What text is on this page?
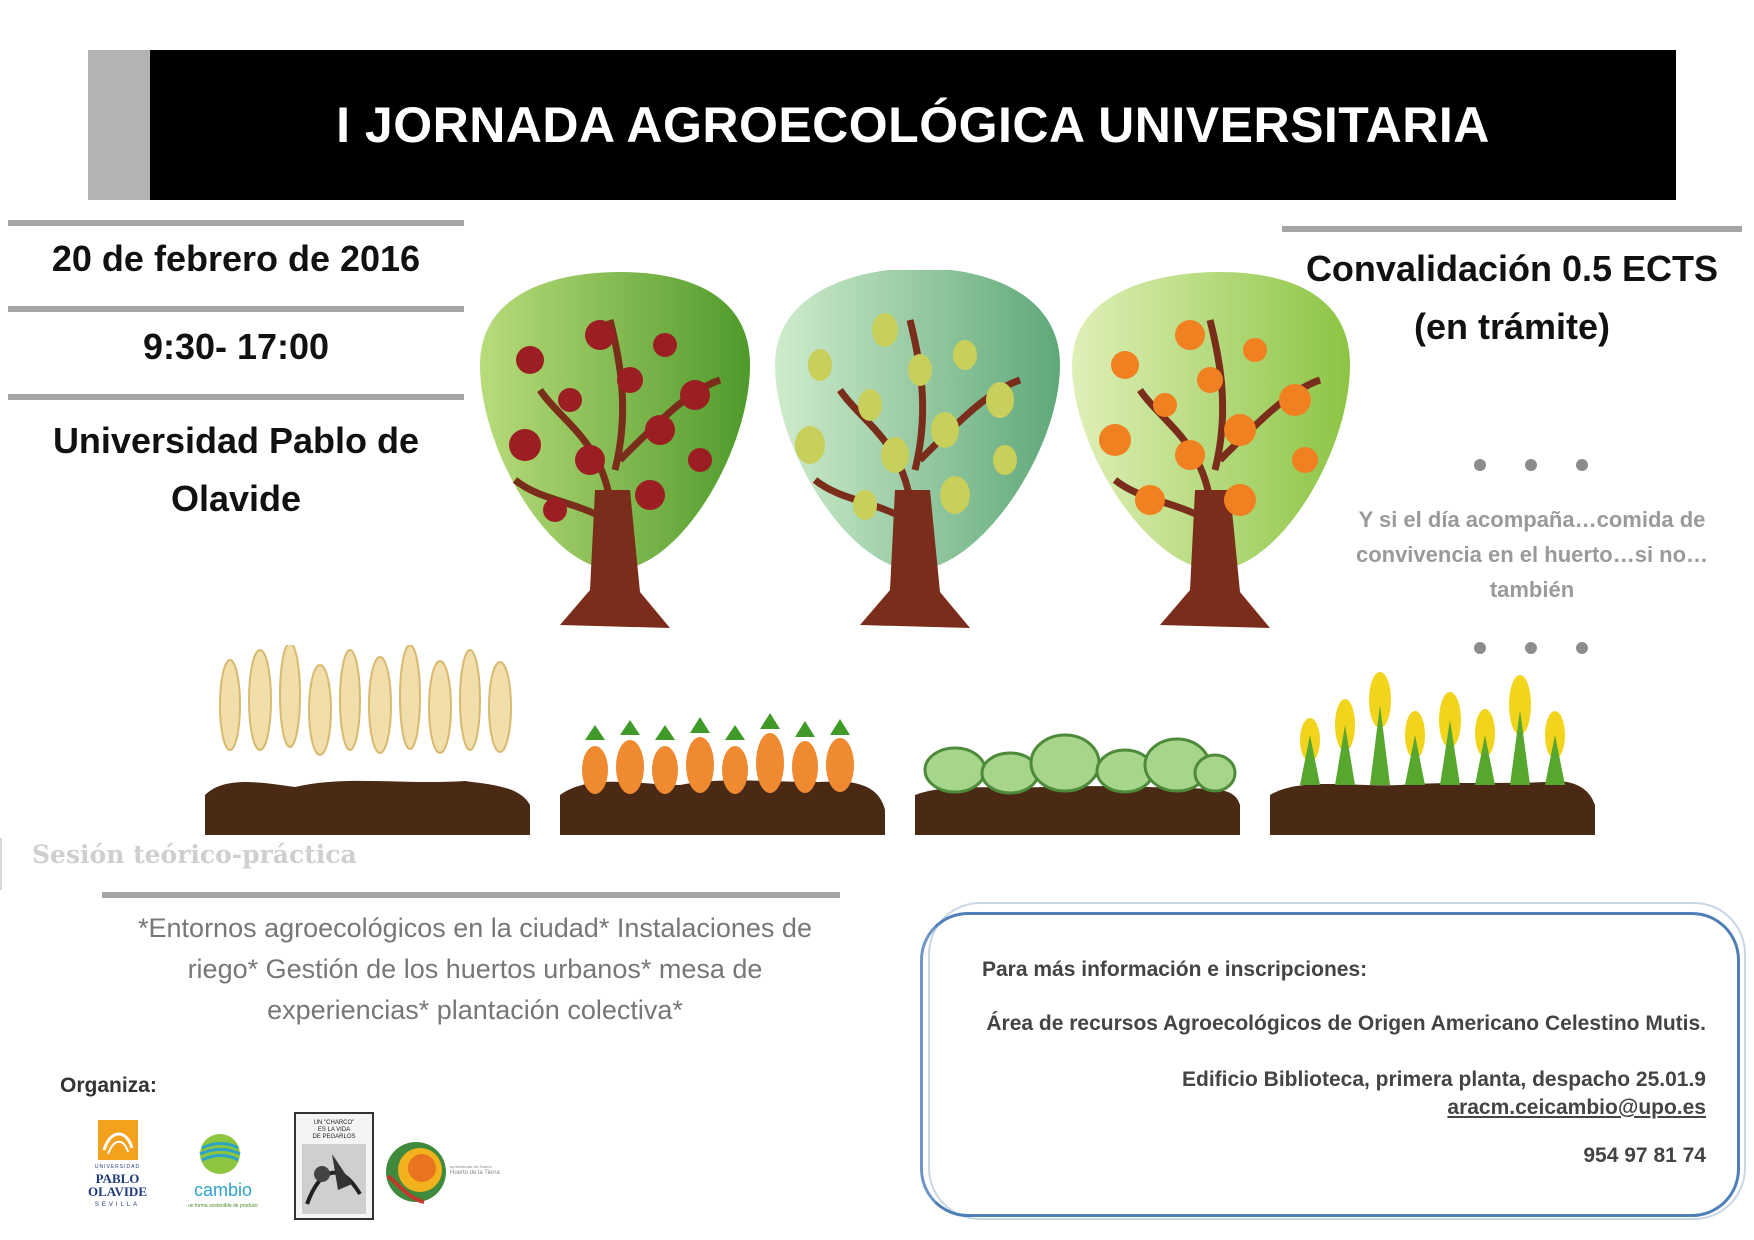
I JORNADA AGROECOLÓGICA UNIVERSITARIA
20 de febrero de 2016
9:30- 17:00
Universidad Pablo de
Olavide
Convalidación 0.5 ECTS
(en trámite)
Y si el día acompaña…comida de convivencia en el huerto…si no…también
Sesión teórico-práctica
*Entornos agroecológicos en la ciudad* Instalaciones de riego* Gestión de los huertos urbanos* mesa de experiencias* plantación colectiva*
Organiza:
UNIVERSIDAD
PABLO
OLAVIDE
SEVILLA
cambio
un forma sostenible de producir
UN "CHARCO"
ES LA VIDA
DE PEGARLOS
aprendiendo del Huerto
Huerto de la Tierra
Para más información e inscripciones:
Área de recursos Agroecológicos de Origen Americano Celestino Mutis.
Edificio Biblioteca, primera planta, despacho 25.01.9
aracm.ceicambio@upo.es
954 97 81 74
